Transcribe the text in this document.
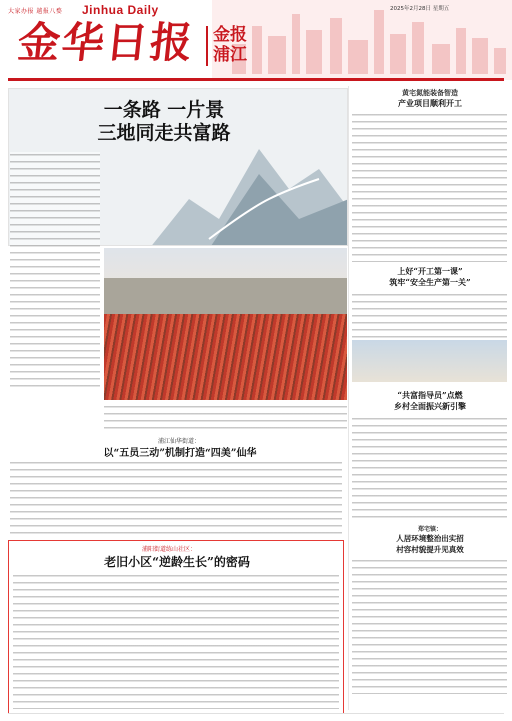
大家办报 越报八婺 Jinhua Daily
金华日报 金报
浦江
2025年2月28日 星期五
一条路 一片景
三地同走共富路
浦江仙华街道：
以“五员三动”机制打造“四美”仙华
浦阳街道练山社区：
老旧小区“逆龄生长”的密码
黄宅氮能装备智造
产业项目顺利开工
上好“开工第一课”
筑牢“安全生产第一关”
“共富指导员”点燃
乡村全面振兴新引擎
郑宅镇：
人居环境整治出实招
村容村貌提升见真效
